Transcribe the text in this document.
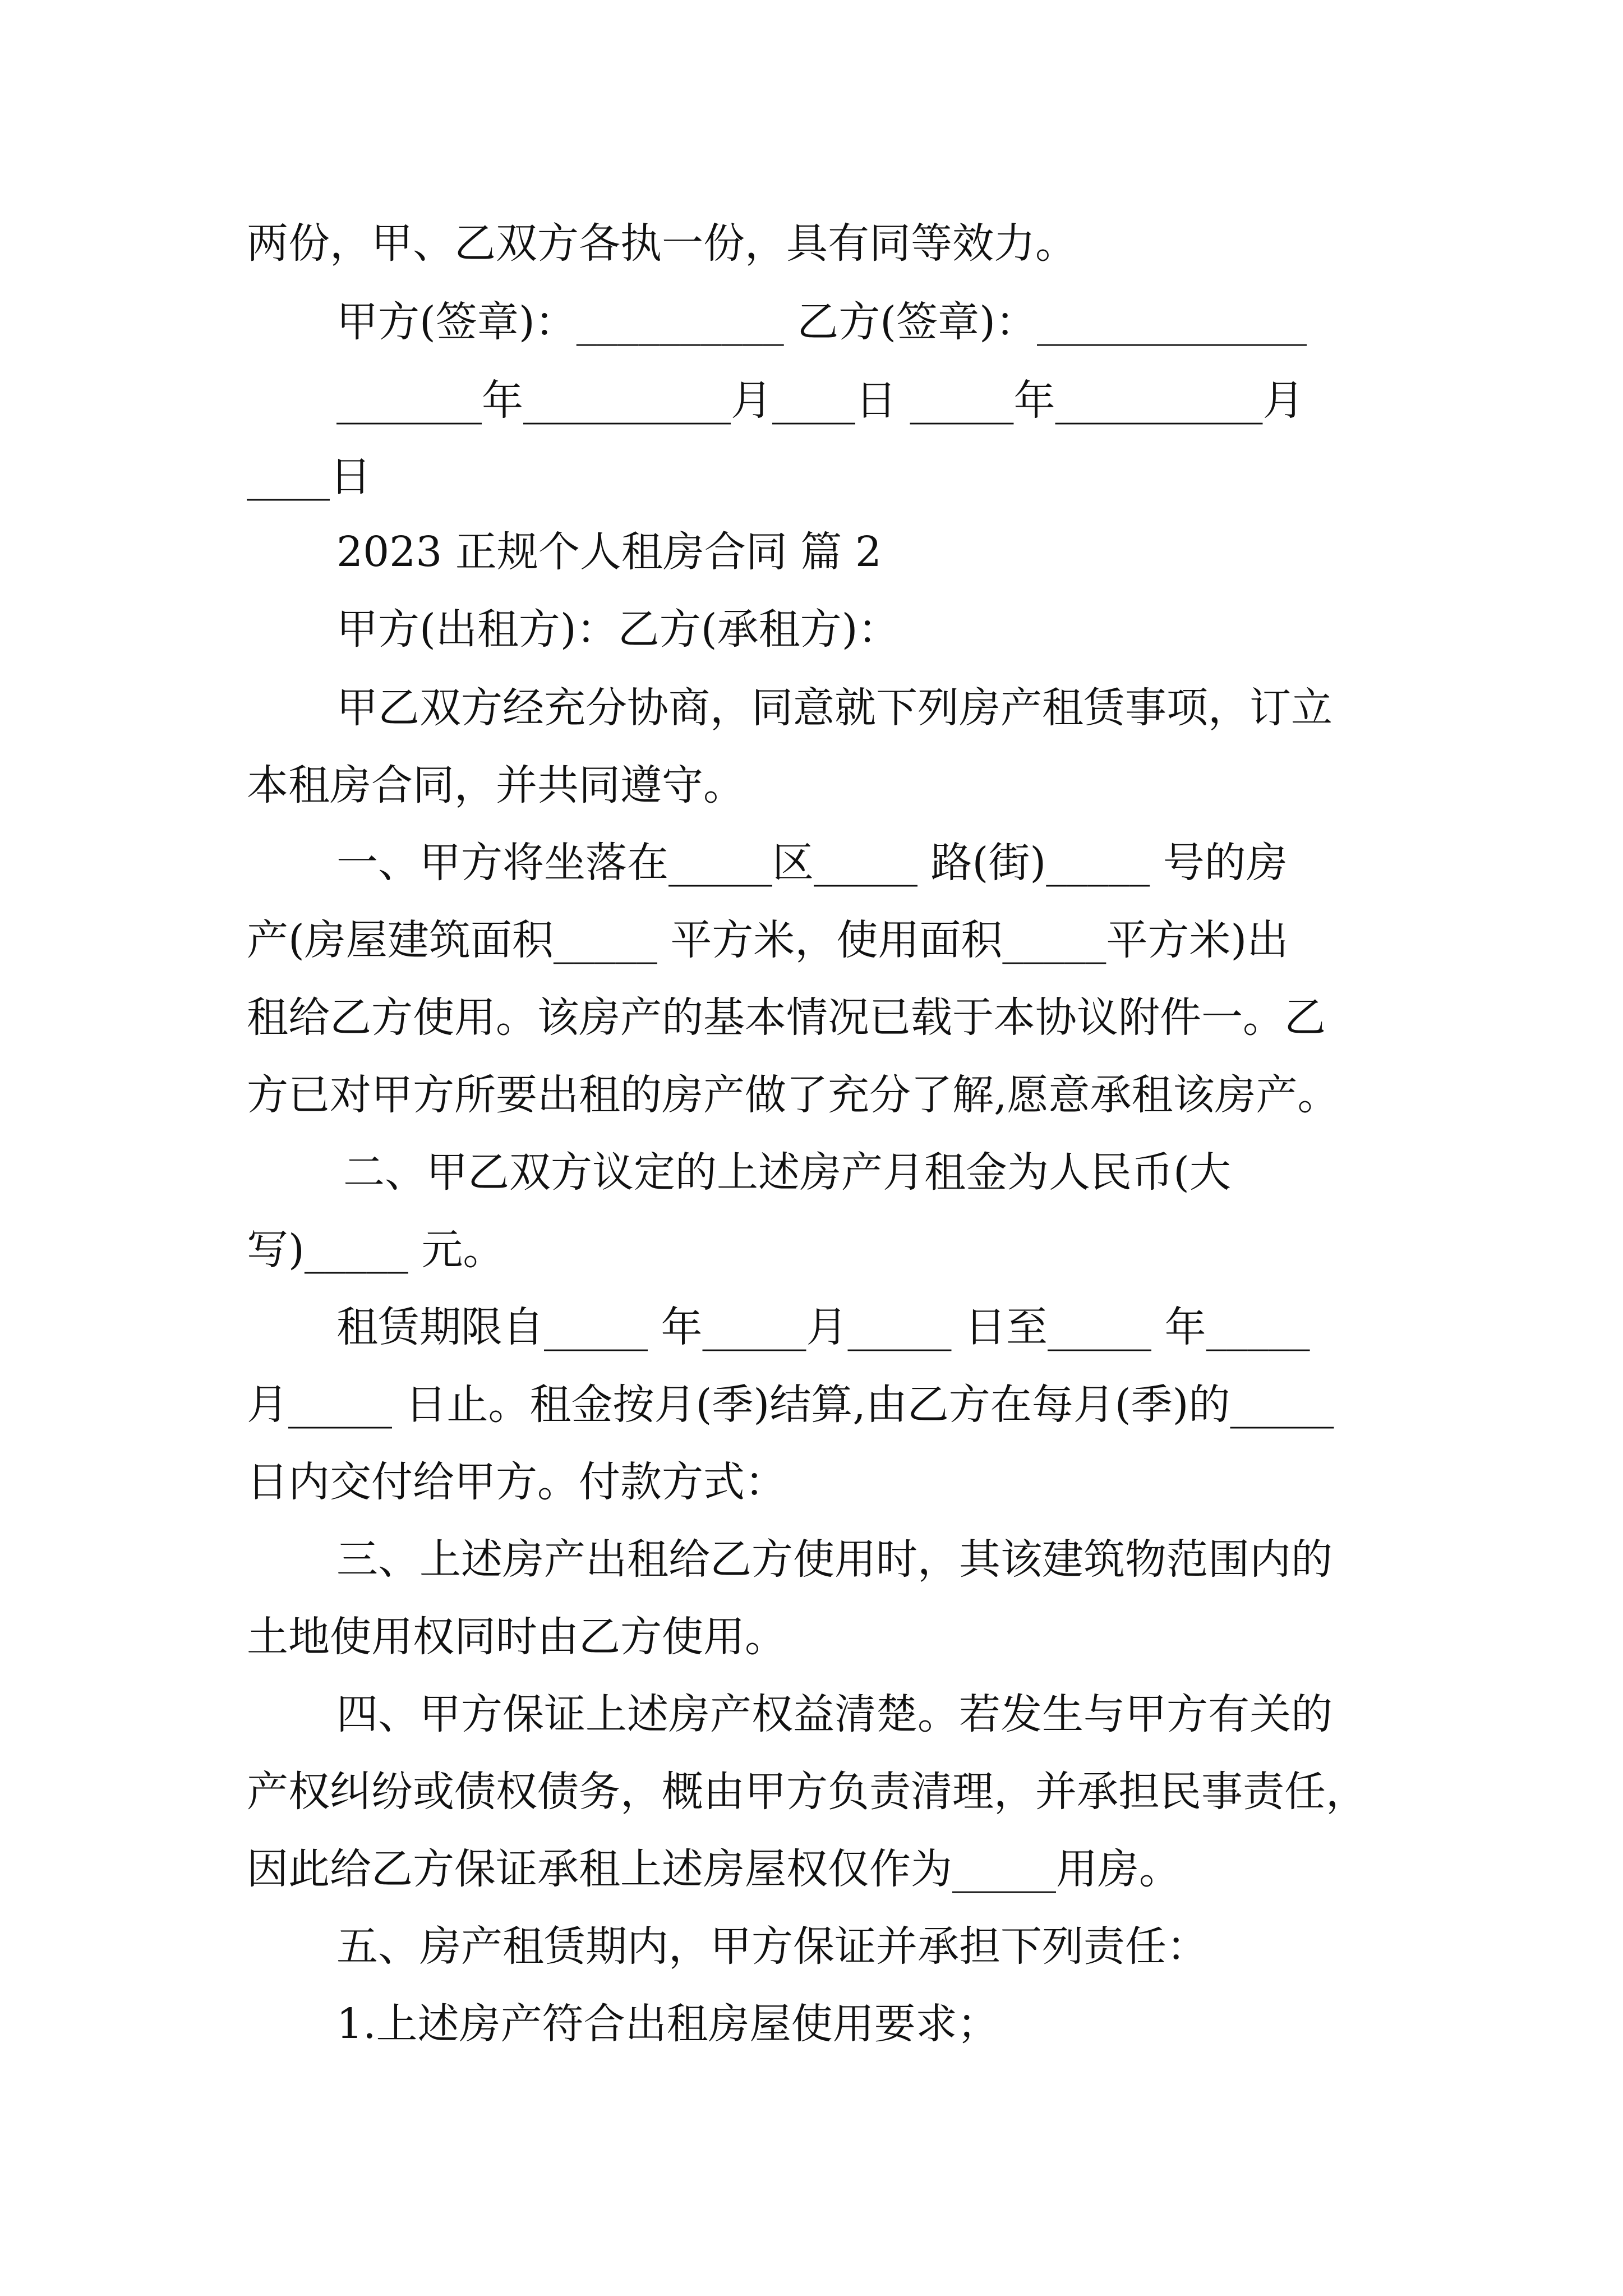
两份，甲、乙双方各执一份，具有同等效力。
甲方(签章)：__________ 乙方(签章)：_____________
_______年__________月____日 _____年__________月
____日
2023 正规个人租房合同 篇 2
甲方(出租方)：乙方(承租方)：
甲乙双方经充分协商，同意就下列房产租赁事项，订立
本租房合同，并共同遵守。
一、甲方将坐落在_____区_____ 路(街)_____ 号的房
产(房屋建筑面积_____ 平方米，使用面积_____平方米)出
租给乙方使用。该房产的基本情况已载于本协议附件一。乙
方已对甲方所要出租的房产做了充分了解,愿意承租该房产。
二、甲乙双方议定的上述房产月租金为人民币(大
写)_____ 元。
租赁期限自_____ 年_____月_____ 日至_____ 年_____
月_____ 日止。租金按月(季)结算,由乙方在每月(季)的_____
日内交付给甲方。付款方式：
三、上述房产出租给乙方使用时，其该建筑物范围内的
土地使用权同时由乙方使用。
四、甲方保证上述房产权益清楚。若发生与甲方有关的
产权纠纷或债权债务，概由甲方负责清理，并承担民事责任，
因此给乙方保证承租上述房屋权仅作为_____用房。
五、房产租赁期内，甲方保证并承担下列责任：
1.上述房产符合出租房屋使用要求；
